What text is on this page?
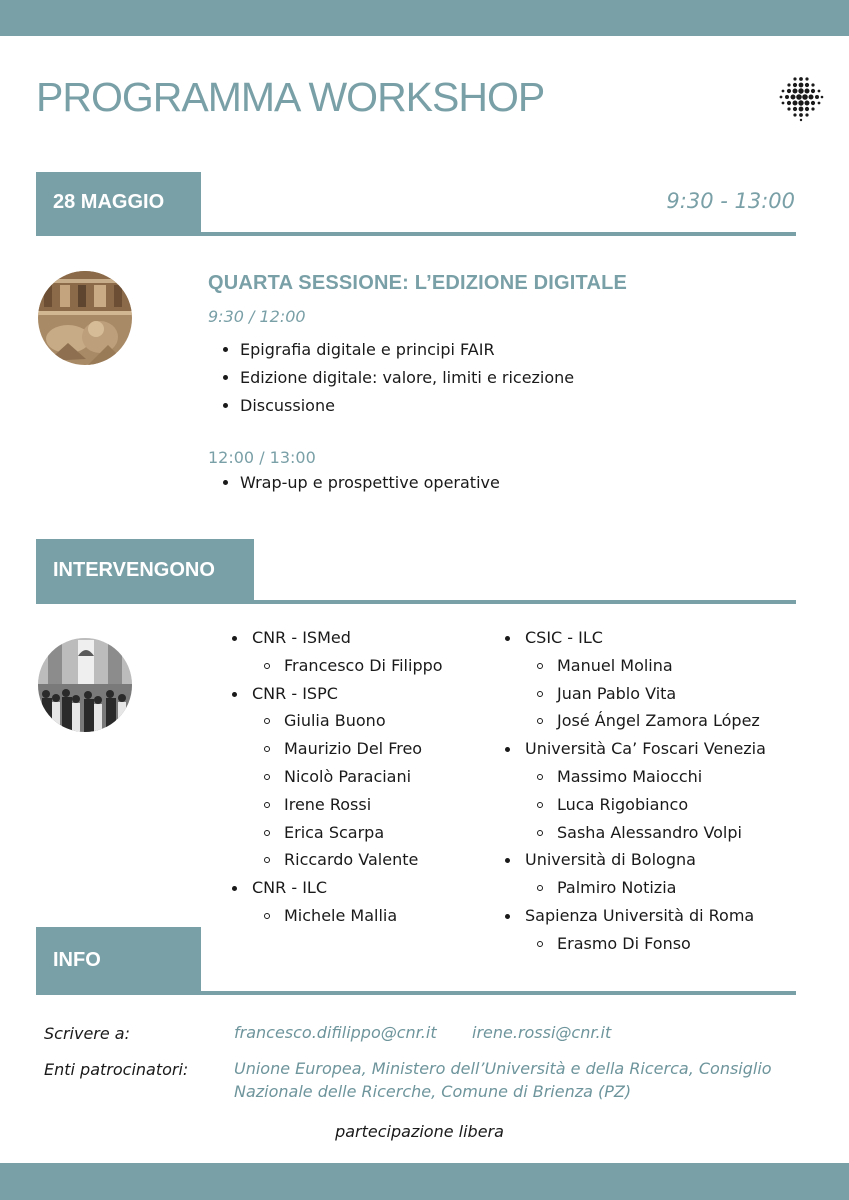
PROGRAMMA WORKSHOP
28 MAGGIO	9:30 - 13:00
QUARTA SESSIONE: L’EDIZIONE DIGITALE
9:30 / 12:00
• Epigrafia digitale e principi FAIR
• Edizione digitale: valore, limiti e ricezione
• Discussione
12:00 / 13:00
• Wrap-up e prospettive operative
INTERVENGONO
CNR - ISMed
Francesco Di Filippo
CNR - ISPC
Giulia Buono
Maurizio Del Freo
Nicolò Paraciani
Irene Rossi
Erica Scarpa
Riccardo Valente
CNR - ILC
Michele Mallia
CSIC - ILC
Manuel Molina
Juan Pablo Vita
José Ángel Zamora López
Università Ca’ Foscari Venezia
Massimo Maiocchi
Luca Rigobianco
Sasha Alessandro Volpi
Università di Bologna
Palmiro Notizia
Sapienza Università di Roma
Erasmo Di Fonso
INFO
Scrivere a:	francesco.difilippo@cnr.it irene.rossi@cnr.it
Enti patrocinatori:	Unione Europea, Ministero dell’Università e della Ricerca, Consiglio
Nazionale delle Ricerche, Comune di Brienza (PZ)
partecipazione libera
